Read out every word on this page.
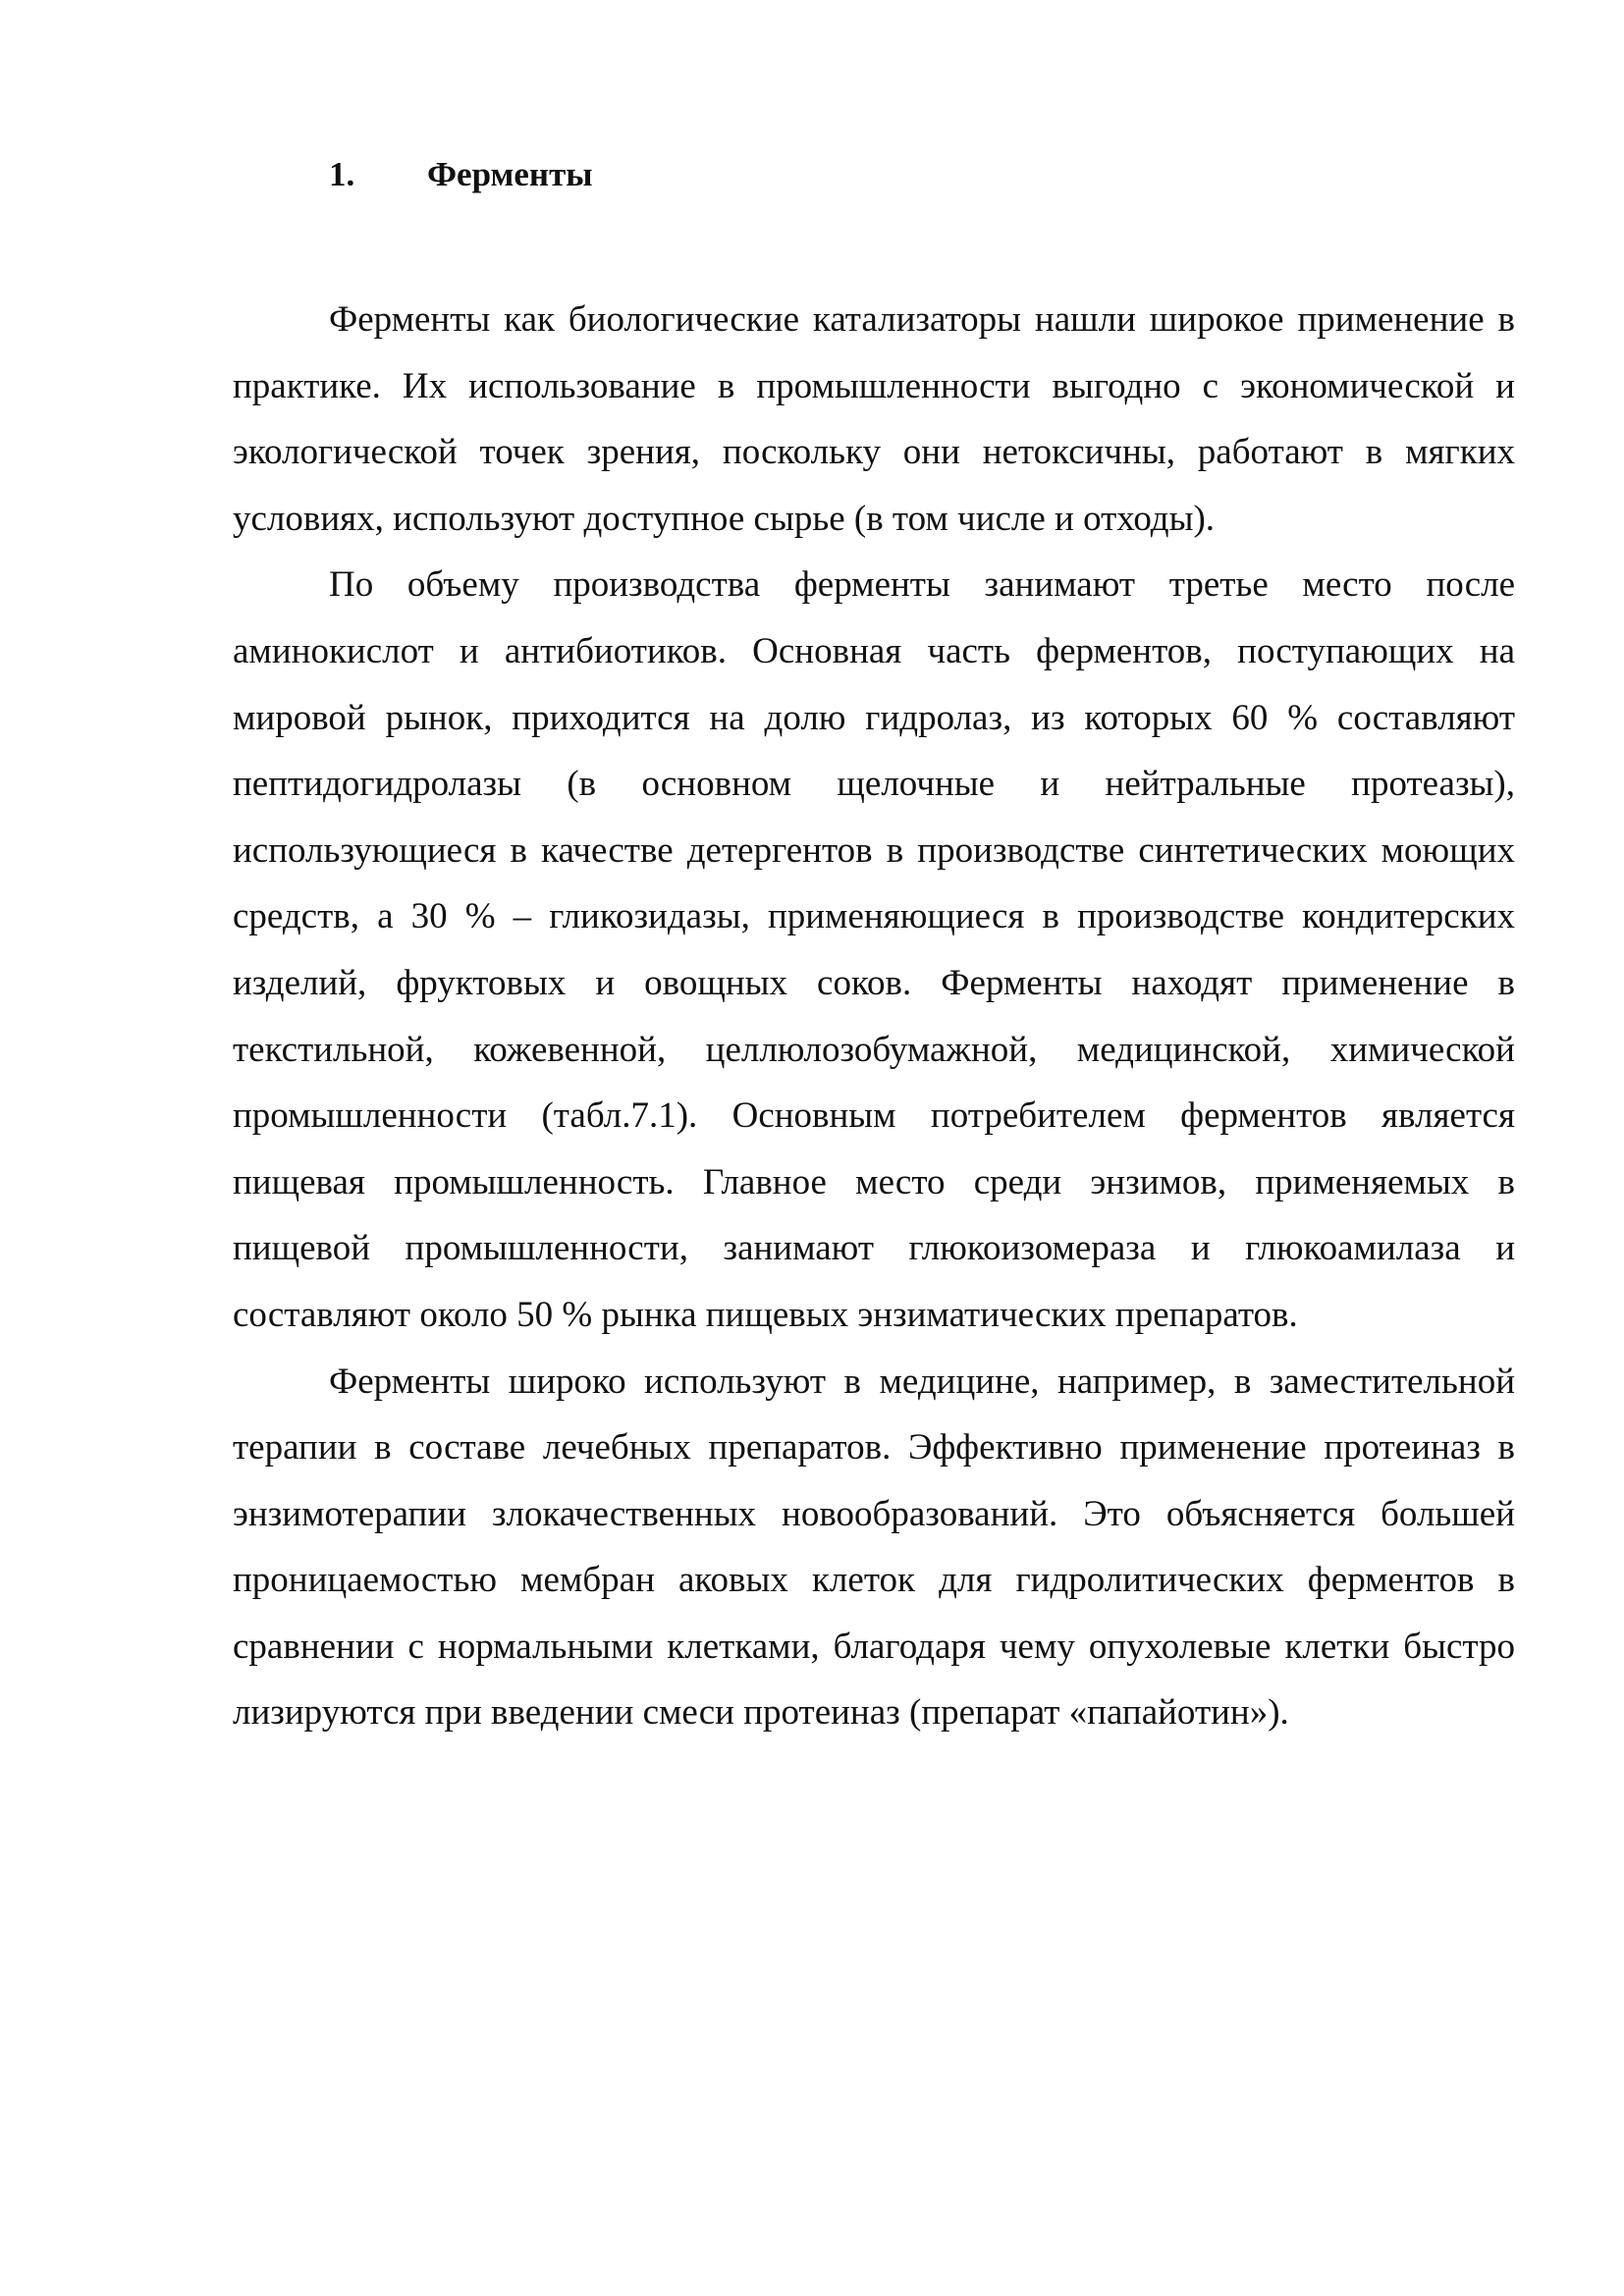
1.	Ферменты

Ферменты как биологические катализаторы нашли широкое применение в практике. Их использование в промышленности выгодно с экономической и экологической точек зрения, поскольку они нетоксичны, работают в мягких условиях, используют доступное сырье (в том числе и отходы).

По объему производства ферменты занимают третье место после аминокислот и антибиотиков. Основная часть ферментов, поступающих на мировой рынок, приходится на долю гидролаз, из которых 60 % составляют пептидогидролазы (в основном щелочные и нейтральные протеазы), использующиеся в качестве детергентов в производстве синтетических моющих средств, а 30 % – гликозидазы, применяющиеся в производстве кондитерских изделий, фруктовых и овощных соков. Ферменты находят применение в текстильной, кожевенной, целлюлозобумажной, медицинской, химической промышленности (табл.7.1). Основным потребителем ферментов является пищевая промышленность. Главное место среди энзимов, применяемых в пищевой промышленности, занимают глюкоизомераза и глюкоамилаза и составляют около 50 % рынка пищевых энзиматических препаратов.

Ферменты широко используют в медицине, например, в заместительной терапии в составе лечебных препаратов. Эффективно применение протеиназ в энзимотерапии злокачественных новообразований. Это объясняется большей проницаемостью мембран аковых клеток для гидролитических ферментов в сравнении с нормальными клетками, благодаря чему опухолевые клетки быстро лизируются при введении смеси протеиназ (препарат «папайотин»).
